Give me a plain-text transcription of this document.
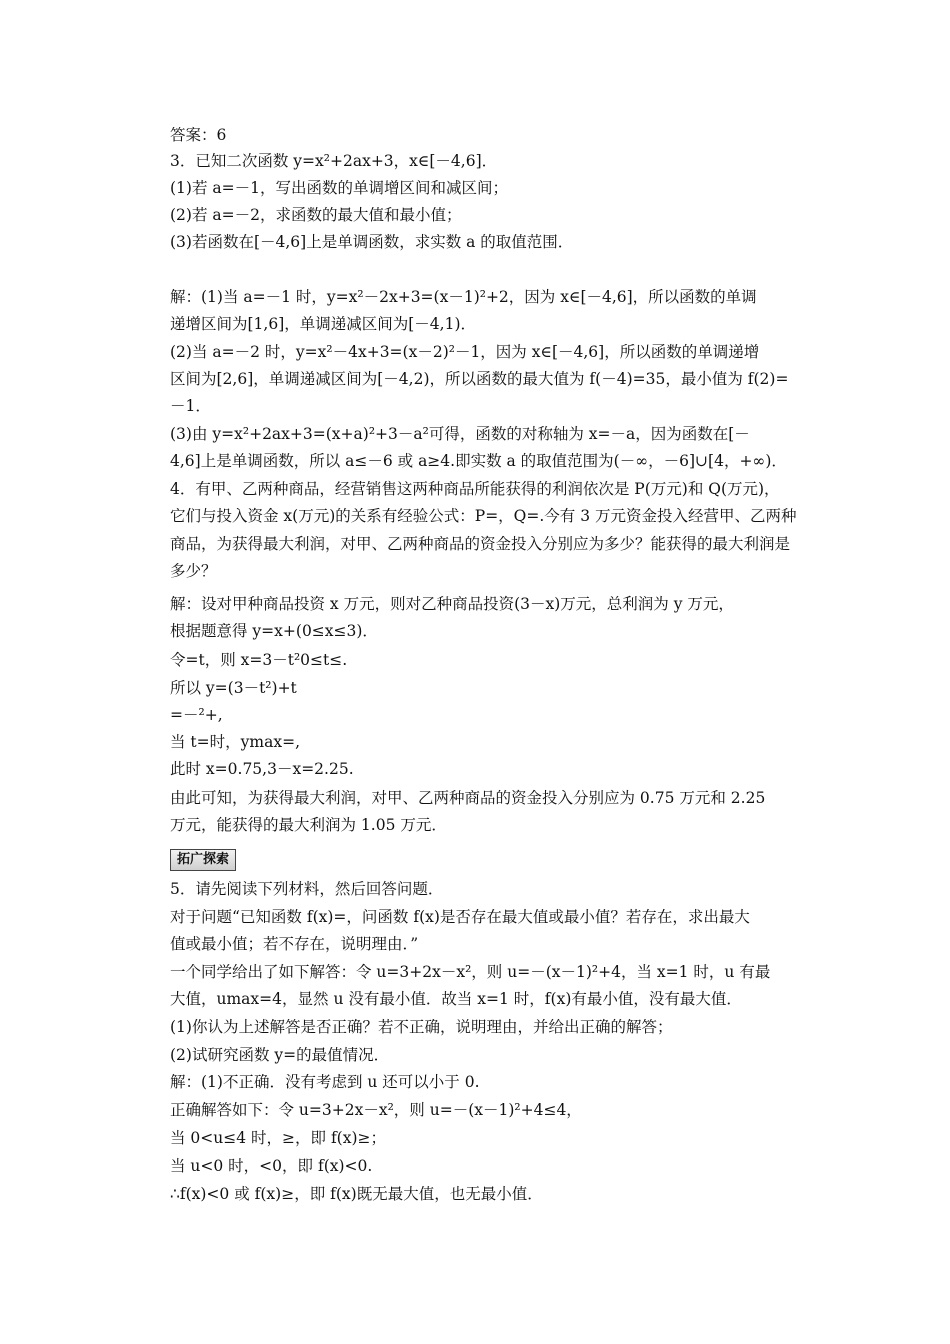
答案：6
3．已知二次函数 y=x²+2ax+3，x∈[－4,6]．
(1)若 a=－1，写出函数的单调增区间和减区间；
(2)若 a=－2，求函数的最大值和最小值；
(3)若函数在[－4,6]上是单调函数，求实数 a 的取值范围．
解：(1)当 a=－1 时，y=x²－2x+3=(x－1)²+2，因为 x∈[－4,6]，所以函数的单调
递增区间为[1,6]，单调递减区间为[－4,1)．
(2)当 a=－2 时，y=x²－4x+3=(x－2)²－1，因为 x∈[－4,6]，所以函数的单调递增
区间为[2,6]，单调递减区间为[－4,2)，所以函数的最大值为 f(－4)=35，最小值为 f(2)=
－1．
(3)由 y=x²+2ax+3=(x+a)²+3－a²可得，函数的对称轴为 x=－a，因为函数在[－
4,6]上是单调函数，所以 a≤－6 或 a≥4.即实数 a 的取值范围为(－∞，－6]∪[4，+∞)．
4．有甲、乙两种商品，经营销售这两种商品所能获得的利润依次是 P(万元)和 Q(万元)，
它们与投入资金 x(万元)的关系有经验公式：P=，Q=.今有 3 万元资金投入经营甲、乙两种
商品，为获得最大利润，对甲、乙两种商品的资金投入分别应为多少？能获得的最大利润是
多少？
解：设对甲种商品投资 x 万元，则对乙种商品投资(3－x)万元，总利润为 y 万元，
根据题意得 y=x+(0≤x≤3)．
令=t，则 x=3－t²0≤t≤.
所以 y=(3－t²)+t
=－²+,
当 t=时，ymax=,
此时 x=0.75,3－x=2.25.
由此可知，为获得最大利润，对甲、乙两种商品的资金投入分别应为 0.75 万元和 2.25
万元，能获得的最大利润为 1.05 万元．
拓广探索
5．请先阅读下列材料，然后回答问题．
对于问题“已知函数 f(x)=，问函数 f(x)是否存在最大值或最小值？若存在，求出最大
值或最小值；若不存在，说明理由．”
一个同学给出了如下解答：令 u=3+2x－x²，则 u=－(x－1)²+4，当 x=1 时，u 有最
大值，umax=4，显然 u 没有最小值．故当 x=1 时，f(x)有最小值，没有最大值．
(1)你认为上述解答是否正确？若不正确，说明理由，并给出正确的解答；
(2)试研究函数 y=的最值情况．
解：(1)不正确．没有考虑到 u 还可以小于 0.
正确解答如下：令 u=3+2x－x²，则 u=－(x－1)²+4≤4，
当 0<u≤4 时，≥，即 f(x)≥；
当 u<0 时，<0，即 f(x)<0.
∴f(x)<0 或 f(x)≥，即 f(x)既无最大值，也无最小值．
